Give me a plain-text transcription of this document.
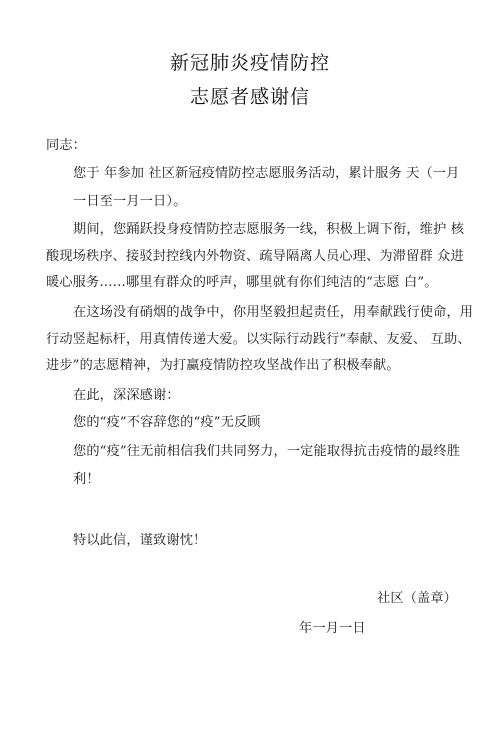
新冠肺炎疫情防控
志愿者感谢信
同志：
您于 年参加 社区新冠疫情防控志愿服务活动，累计服务 天（一月
一日至一月一日）。
期间，您踊跃投身疫情防控志愿服务一线，积极上调下衔，维护 核
酸现场秩序、接驳封控线内外物资、疏导隔离人员心理、为滞留群 众进
暖心服务……哪里有群众的呼声，哪里就有你们纯洁的“志愿 白”。
在这场没有硝烟的战争中，你用坚毅担起责任，用奉献践行使命，用
行动竖起标杆，用真情传递大爱。以实际行动践行“奉献、友爱、 互助、
进步”的志愿精神，为打赢疫情防控攻坚战作出了积极奉献。
在此，深深感谢：
您的“疫”不容辞您的“疫”无反顾
您的“疫”往无前相信我们共同努力，一定能取得抗击疫情的最终胜
利！
特以此信，谨致谢忱！
社区（盖章）
年一月一日
